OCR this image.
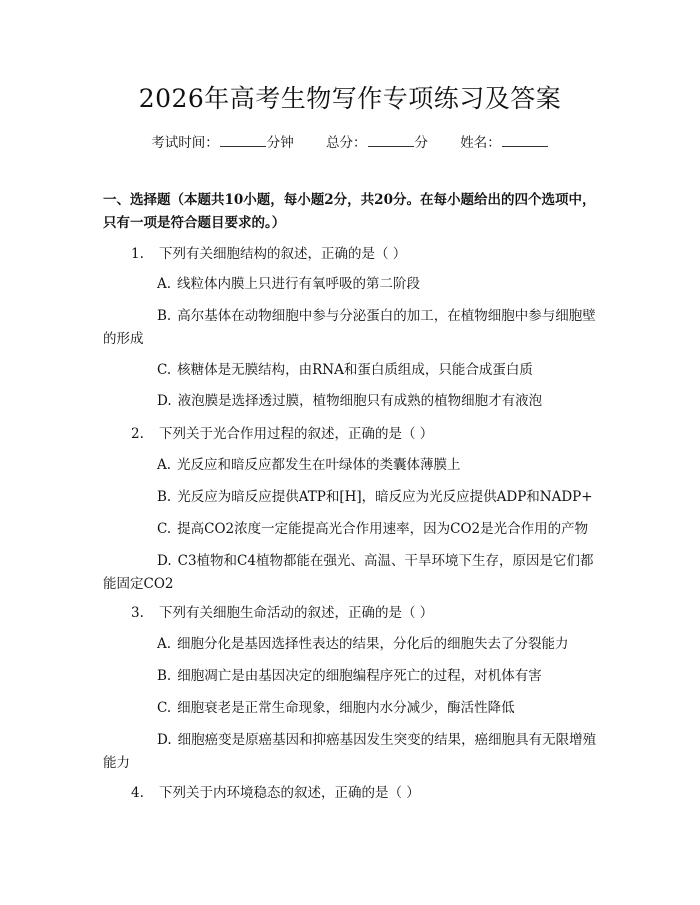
2026年高考生物写作专项练习及答案
考试时间：	分钟 总分：	分 姓名：
一、选择题（本题共10小题，每小题2分，共20分。在每小题给出的四个选项中，只有一项是符合题目要求的。）
1. 下列有关细胞结构的叙述，正确的是（ ）
A. 线粒体内膜上只进行有氧呼吸的第二阶段
B. 高尔基体在动物细胞中参与分泌蛋白的加工，在植物细胞中参与细胞壁的形成
C. 核糖体是无膜结构，由RNA和蛋白质组成，只能合成蛋白质
D. 液泡膜是选择透过膜，植物细胞只有成熟的植物细胞才有液泡
2. 下列关于光合作用过程的叙述，正确的是（ ）
A. 光反应和暗反应都发生在叶绿体的类囊体薄膜上
B. 光反应为暗反应提供ATP和[H]，暗反应为光反应提供ADP和NADP+
C. 提高CO2浓度一定能提高光合作用速率，因为CO2是光合作用的产物
D. C3植物和C4植物都能在强光、高温、干旱环境下生存，原因是它们都能固定CO2
3. 下列有关细胞生命活动的叙述，正确的是（ ）
A. 细胞分化是基因选择性表达的结果，分化后的细胞失去了分裂能力
B. 细胞凋亡是由基因决定的细胞编程序死亡的过程，对机体有害
C. 细胞衰老是正常生命现象，细胞内水分减少，酶活性降低
D. 细胞癌变是原癌基因和抑癌基因发生突变的结果，癌细胞具有无限增殖能力
4. 下列关于内环境稳态的叙述，正确的是（ ）
